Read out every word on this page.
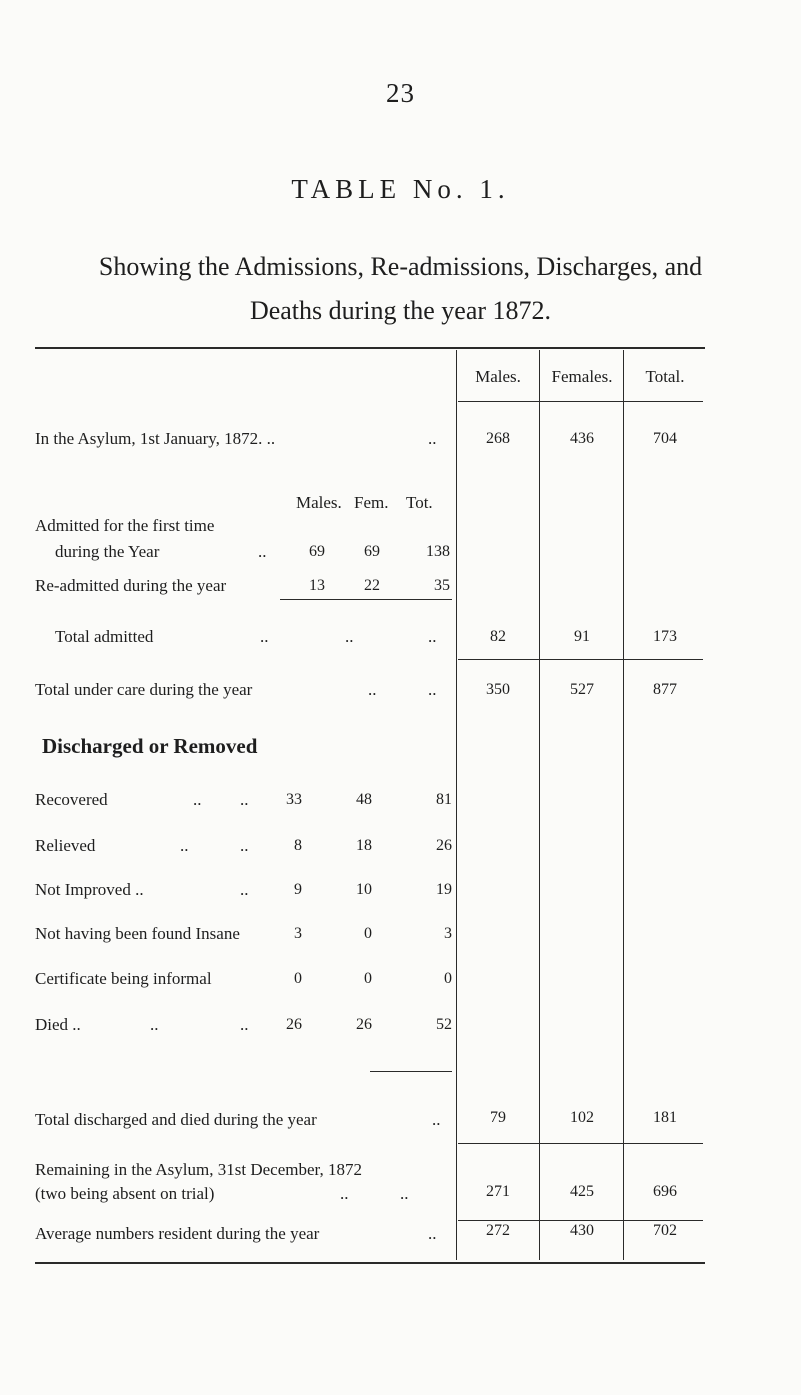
23
TABLE No. 1.
Showing the Admissions, Re-admissions, Discharges, and
Deaths during the year 1872.
Males.	Females.	Total.
In the Asylum, 1st January, 1872. ..	..	268	436	704
Males. Fem. Tot.
Admitted for the first time
during the Year	..	69	69	138
Re-admitted during the year	13	22	35
Total admitted	..	..	..	82	91	173
Total under care during the year	..	..	350	527	877
Discharged or Removed
Recovered	.. ..	33	48	81
Relieved	..	..	8	18	26
Not Improved ..	..	9	10	19
Not having been found Insane	3	0	3
Certificate being informal	0	0	0
Died ..	..	..	26	26	52
Total discharged and died during the year	..	79	102	181
Remaining in the Asylum, 31st December, 1872
(two being absent on trial)	..	..	271	425	696
Average numbers resident during the year	..	272	430	702
